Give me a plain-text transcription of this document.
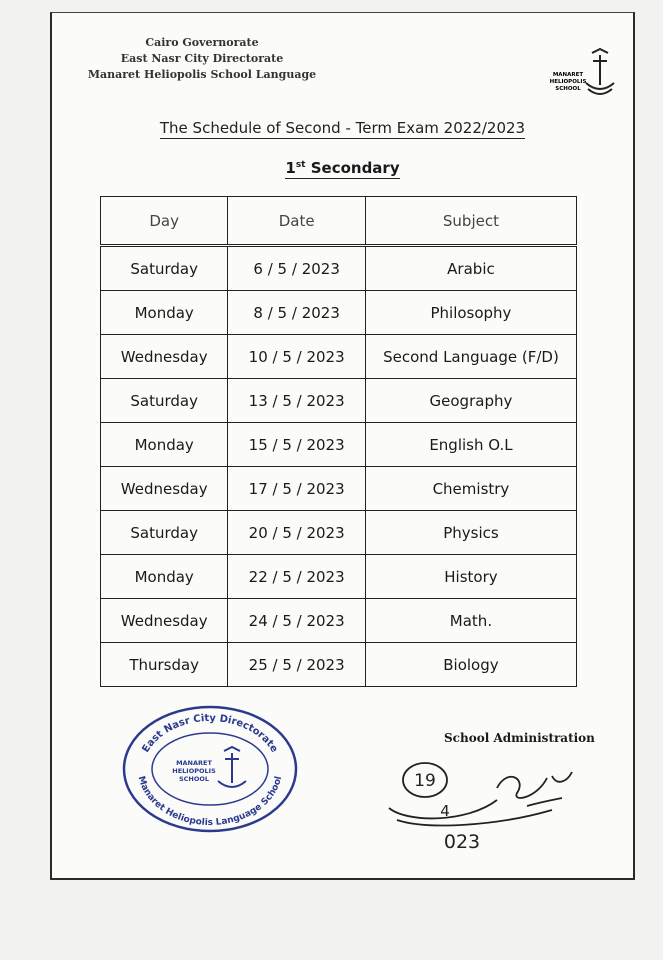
Cairo Governorate
East Nasr City Directorate
Manaret Heliopolis School Language	MANARET
HELIOPOLIS
SCHOOL
The Schedule of Second - Term Exam 2022/2023
1st Secondary
Day	Date	Subject
Saturday	6 / 5 / 2023	Arabic
Monday	8 / 5 / 2023	Philosophy
Wednesday	10 / 5 / 2023	Second Language (F/D)
Saturday	13 / 5 / 2023	Geography
Monday	15 / 5 / 2023	English O.L
Wednesday	17 / 5 / 2023	Chemistry
Saturday	20 / 5 / 2023	Physics
Monday	22 / 5 / 2023	History
Wednesday	24 / 5 / 2023	Math.
Thursday	25 / 5 / 2023	Biology
East Nasr City Directorate
Manaret Heliopolis Language School
MANARET
HELIOPOLIS
SCHOOL
School Administration
19
4
023
